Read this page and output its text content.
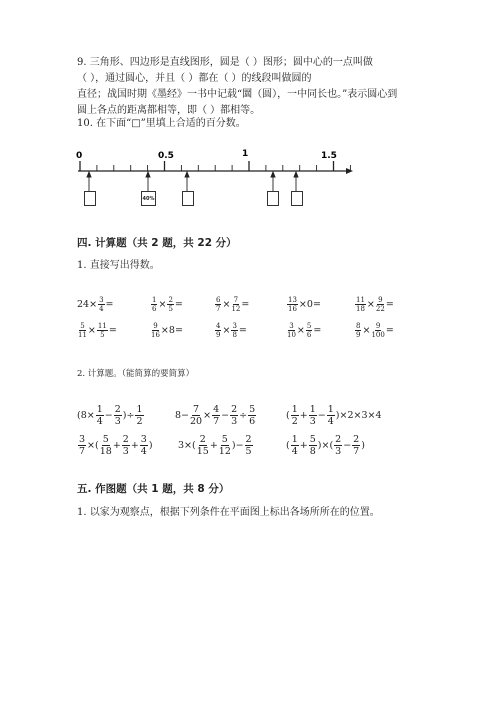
9. 三角形、四边形是直线图形，圆是（ ）图形；圆中心的一点叫做
（ ），通过圆心，并且（ ）都在（ ）的线段叫做圆的
直径；战国时期《墨经》一书中记载“圜（圆），一中同长也。”表示圆心到
圆上各点的距离都相等，即（ ）都相等。
10. 在下面“□”里填上合适的百分数。
0	0.5	1	1.5
40%
四. 计算题（共 2 题，共 22 分）
1. 直接写出得数。
$24 \times \frac{3}{4}$ =	$\frac{1}{6} \times \frac{2}{5}$ =	$\frac{6}{7} \times \frac{7}{12}$ =	$\frac{13}{16} \times 0$ =	$\frac{11}{18} \times \frac{9}{22}$ =
$\frac{5}{11} \times \frac{11}{5}$ =	$\frac{9}{16} \times 8$ =	$\frac{4}{9} \times \frac{3}{8}$ =	$\frac{3}{10} \times \frac{5}{6}$ =	$\frac{8}{9} \times \frac{9}{100}$ =
2. 计算题。（能简算的要简算）
($8\times \frac{1}{4} - \frac{2}{3}$ )÷ $\frac{1}{2}$	$8- \frac{7}{20} \times \frac{4}{7} - \frac{2}{3} \div \frac{5}{6}$	( $\frac{1}{2} + \frac{1}{3} - \frac{1}{4} )\times 2\times 3\times 4$
$\frac{3}{7}$ ×( $\frac{5}{18} + \frac{2}{3} + \frac{3}{4}$ )	$3\times( \frac{2}{15} + \frac{5}{12}$ )− $\frac{2}{5}$	( $\frac{1}{4} + \frac{5}{8}$ )×( $\frac{2}{3} - \frac{2}{7}$ )
五. 作图题（共 1 题，共 8 分）
1. 以家为观察点，根据下列条件在平面图上标出各场所所在的位置。
